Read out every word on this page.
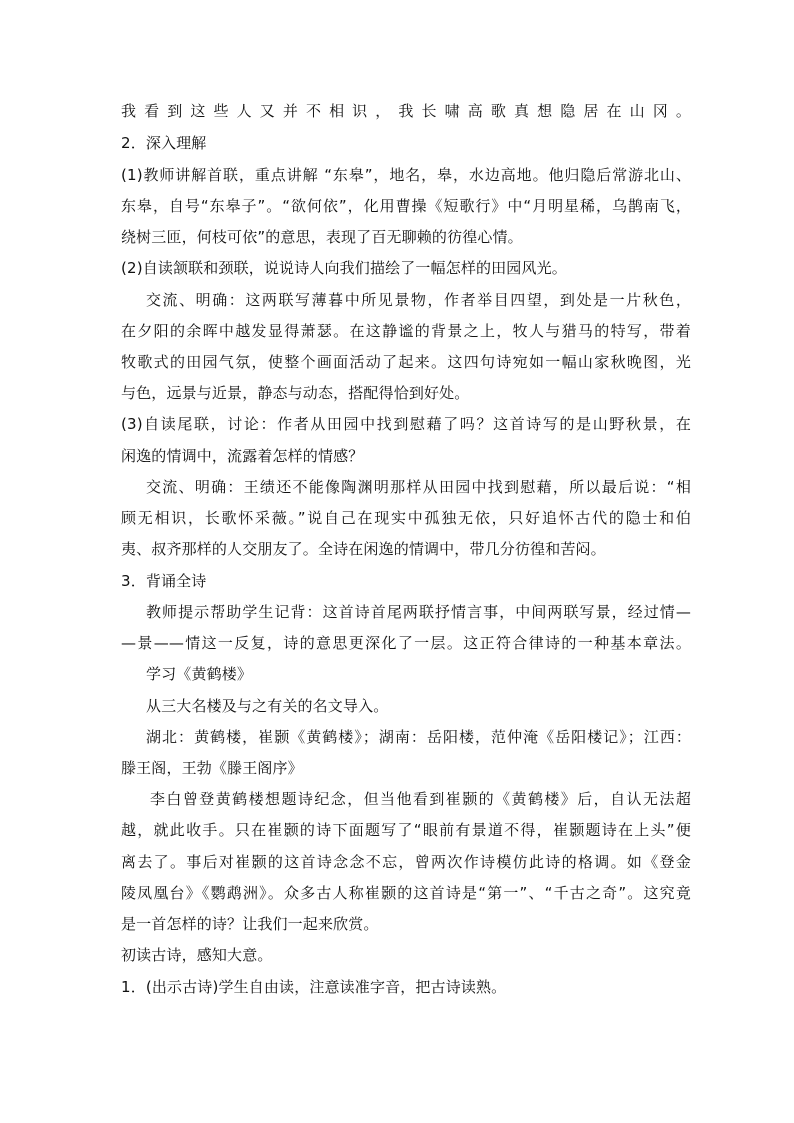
我看到这些人又并不相识，我长啸高歌真想隐居在山冈。
2．深入理解
(1)教师讲解首联，重点讲解 “东皋”，地名，皋，水边高地。他归隐后常游北山、
东皋，自号“东皋子”。“欲何依”，化用曹操《短歌行》中“月明星稀，乌鹊南飞，
绕树三匝，何枝可依”的意思，表现了百无聊赖的彷徨心情。
(2)自读颔联和颈联，说说诗人向我们描绘了一幅怎样的田园风光。
交流、明确：这两联写薄暮中所见景物，作者举目四望，到处是一片秋色，
在夕阳的余晖中越发显得萧瑟。在这静谧的背景之上，牧人与猎马的特写，带着
牧歌式的田园气氛，使整个画面活动了起来。这四句诗宛如一幅山家秋晚图，光
与色，远景与近景，静态与动态，搭配得恰到好处。
(3)自读尾联，讨论：作者从田园中找到慰藉了吗？这首诗写的是山野秋景，在
闲逸的情调中，流露着怎样的情感？
交流、明确：王绩还不能像陶渊明那样从田园中找到慰藉，所以最后说：“相
顾无相识，长歌怀采薇。”说自己在现实中孤独无依，只好追怀古代的隐士和伯
夷、叔齐那样的人交朋友了。全诗在闲逸的情调中，带几分彷徨和苦闷。
3．背诵全诗
教师提示帮助学生记背：这首诗首尾两联抒情言事，中间两联写景，经过情—
—景——情这一反复，诗的意思更深化了一层。这正符合律诗的一种基本章法。
学习《黄鹤楼》
从三大名楼及与之有关的名文导入。
湖北：黄鹤楼，崔颢《黄鹤楼》；湖南：岳阳楼，范仲淹《岳阳楼记》；江西：
滕王阁，王勃《滕王阁序》
李白曾登黄鹤楼想题诗纪念，但当他看到崔颢的《黄鹤楼》后，自认无法超
越，就此收手。只在崔颢的诗下面题写了“眼前有景道不得，崔颢题诗在上头”便
离去了。事后对崔颢的这首诗念念不忘，曾两次作诗模仿此诗的格调。如《登金
陵凤凰台》《鹦鹉洲》。众多古人称崔颢的这首诗是“第一”、“千古之奇”。这究竟
是一首怎样的诗？让我们一起来欣赏。
初读古诗，感知大意。
1．(出示古诗)学生自由读，注意读准字音，把古诗读熟。
